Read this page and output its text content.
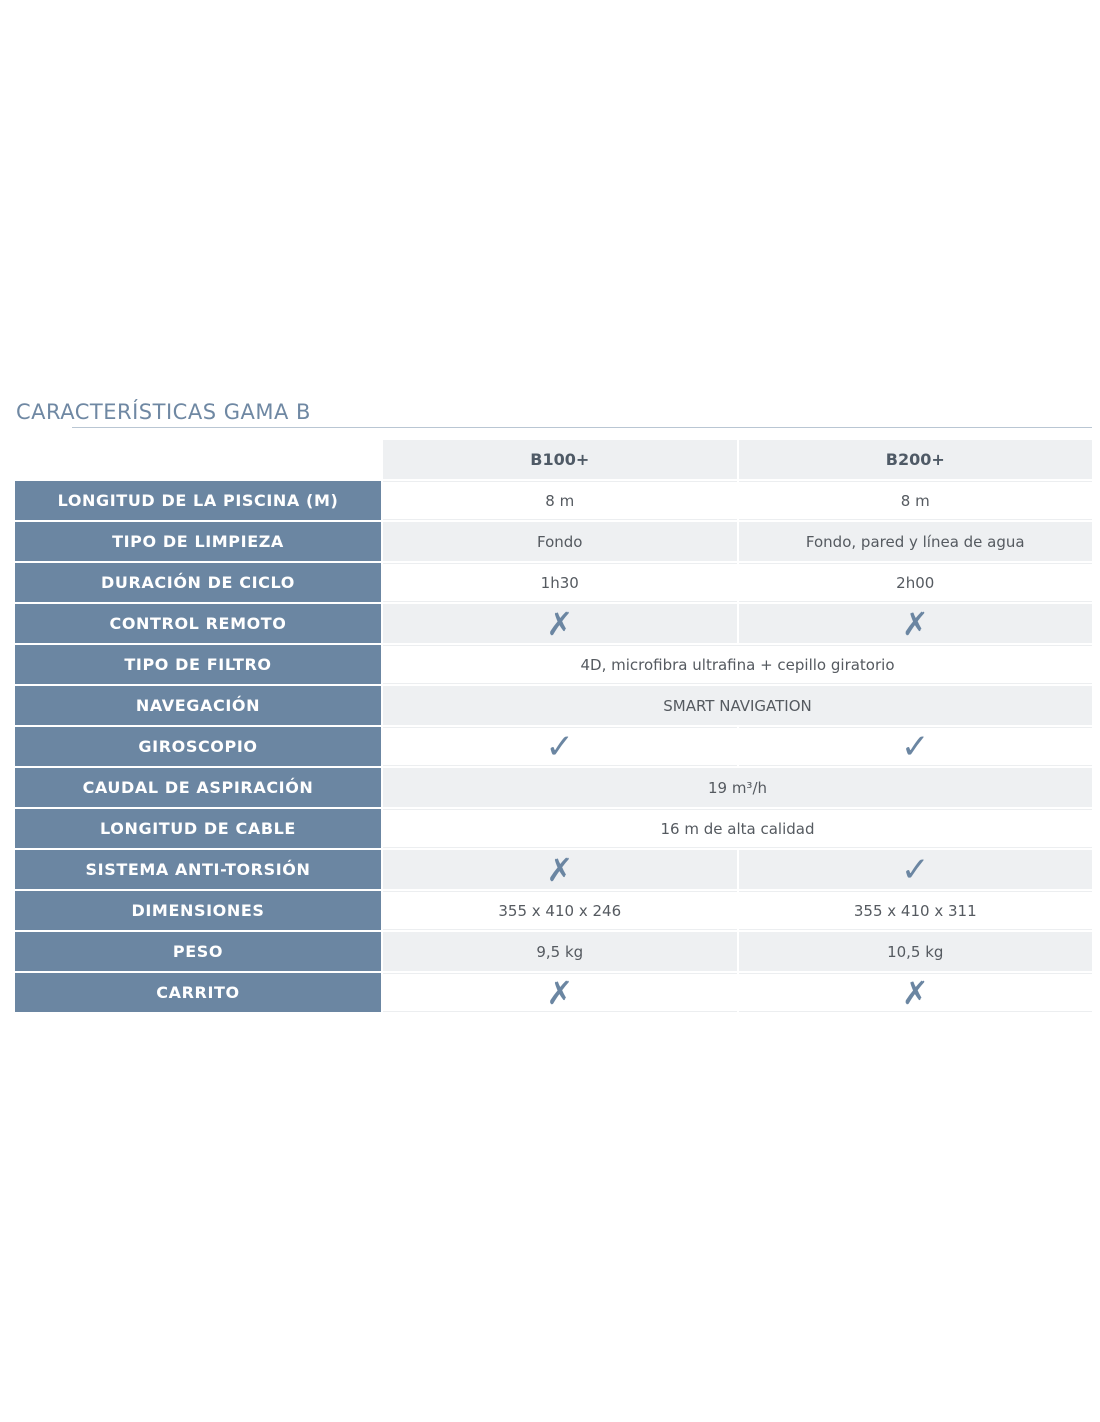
CARACTERÍSTICAS GAMA B
B100+	B200+
LONGITUD DE LA PISCINA (M)	8 m	8 m
TIPO DE LIMPIEZA	Fondo	Fondo, pared y línea de agua
DURACIÓN DE CICLO	1h30	2h00
CONTROL REMOTO	✗	✗
TIPO DE FILTRO	4D, microfibra ultrafina + cepillo giratorio
NAVEGACIÓN	SMART NAVIGATION
GIROSCOPIO	✓	✓
CAUDAL DE ASPIRACIÓN	19 m³/h
LONGITUD DE CABLE	16 m de alta calidad
SISTEMA ANTI-TORSIÓN	✗	✓
DIMENSIONES	355 x 410 x 246	355 x 410 x 311
PESO	9,5 kg	10,5 kg
CARRITO	✗	✗
